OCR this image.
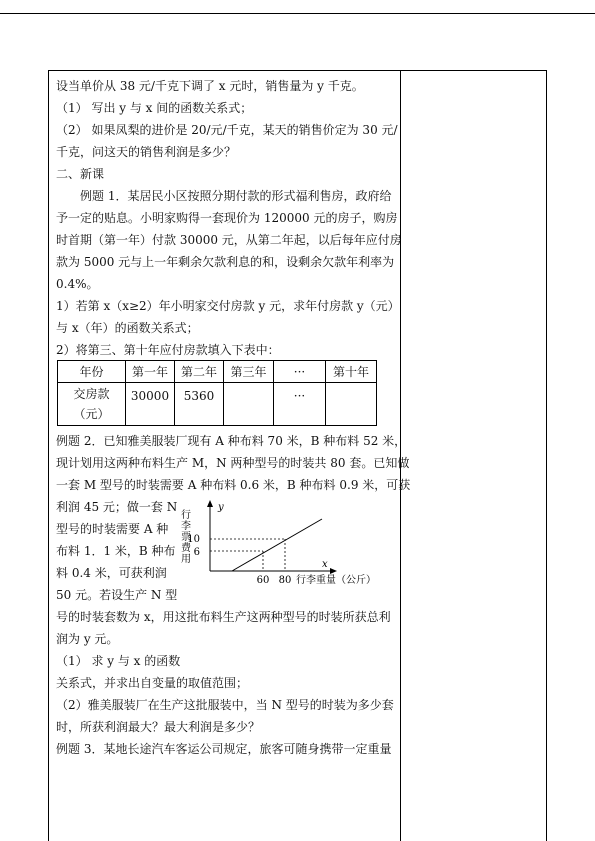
设当单价从 38 元/千克下调了 x 元时，销售量为 y 千克。
（1） 写出 y 与 x 间的函数关系式；
（2） 如果凤梨的进价是 20/元/千克，某天的销售价定为 30 元/
千克，问这天的销售利润是多少？
二、新课
例题 1．某居民小区按照分期付款的形式福利售房，政府给
予一定的贴息。小明家购得一套现价为 120000 元的房子，购房
时首期（第一年）付款 30000 元，从第二年起，以后每年应付房
款为 5000 元与上一年剩余欠款利息的和，设剩余欠款年利率为
0.4%。
1）若第 x（x≥2）年小明家交付房款 y 元，求年付房款 y（元）
与 x（年）的函数关系式；
2）将第三、第十年应付房款填入下表中：
年份	第一年	第二年	第三年	···	第十年

交房款
（元）	30000	5360		···	
例题 2．已知雅美服装厂现有 A 种布料 70 米，B 种布料 52 米，
现计划用这两种布料生产 M，N 两种型号的时装共 80 套。已知做
一套 M 型号的时装需要 A 种布料 0.6 米，B 种布料 0.9 米，可获
利润 45 元；做一套 N
型号的时装需要 A 种
布料 1．1 米，B 种布
料 0.4 米，可获利润
50 元。若设生产 N 型
号的时装套数为 x，用这批布料生产这两种型号的时装所获总利
润为 y 元。
（1） 求 y 与 x 的函数
关系式，并求出自变量的取值范围；
（2）雅美服装厂在生产这批服装中，当 N 型号的时装为多少套
时，所获利润最大？最大利润是多少？
例题 3．某地长途汽车客运公司规定，旅客可随身携带一定重量
y
x
10
6
60 80 行李重量（公斤）
行李票费用
